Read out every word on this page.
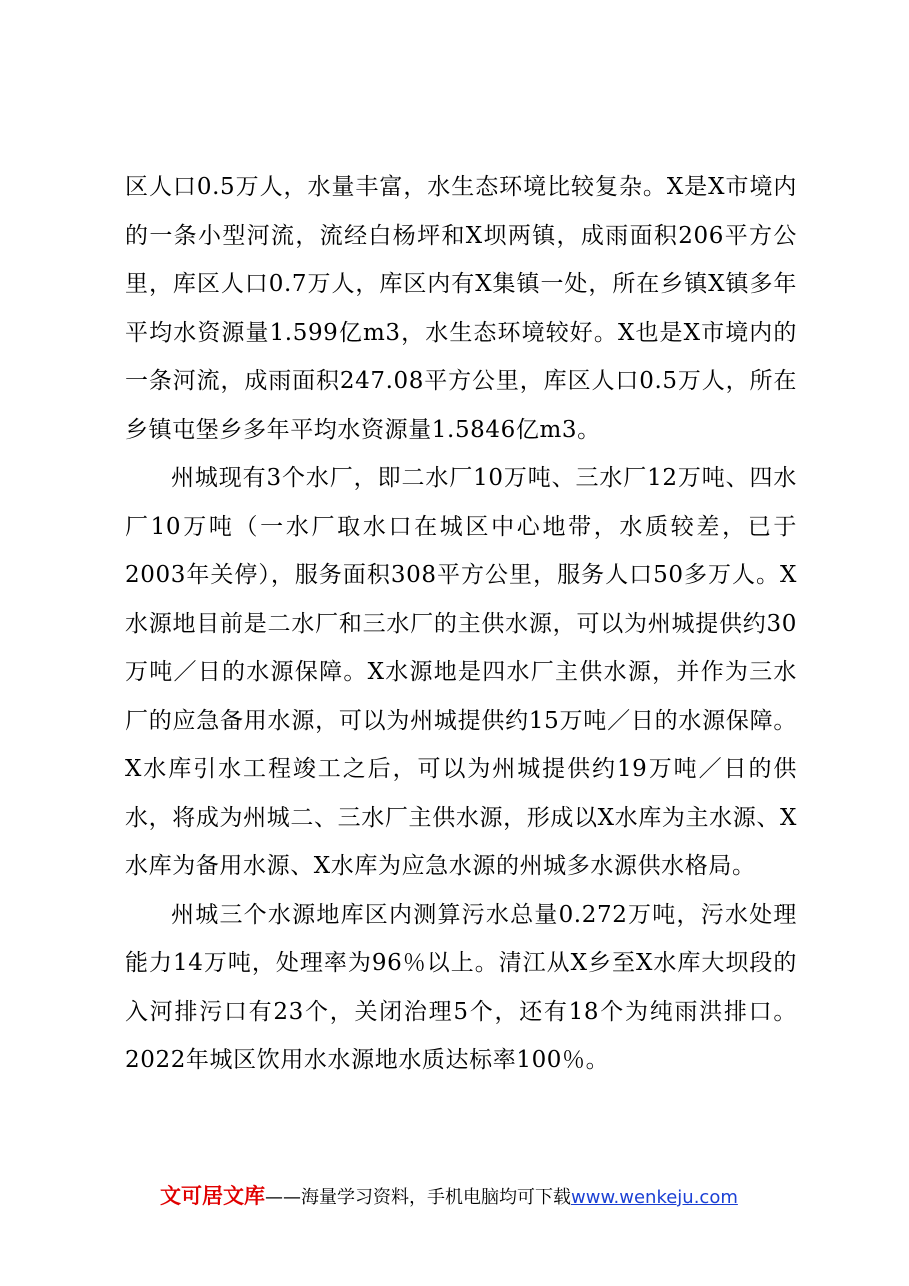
区人口0.5万人，水量丰富，水生态环境比较复杂。X是X市境内的一条小型河流，流经白杨坪和X坝两镇，成雨面积206平方公里，库区人口0.7万人，库区内有X集镇一处，所在乡镇X镇多年平均水资源量1.599亿m3，水生态环境较好。X也是X市境内的一条河流，成雨面积247.08平方公里，库区人口0.5万人，所在乡镇屯堡乡多年平均水资源量1.5846亿m3。

州城现有3个水厂，即二水厂10万吨、三水厂12万吨、四水厂10万吨（一水厂取水口在城区中心地带，水质较差，已于2003年关停），服务面积308平方公里，服务人口50多万人。X水源地目前是二水厂和三水厂的主供水源，可以为州城提供约30万吨／日的水源保障。X水源地是四水厂主供水源，并作为三水厂的应急备用水源，可以为州城提供约15万吨／日的水源保障。X水库引水工程竣工之后，可以为州城提供约19万吨／日的供水，将成为州城二、三水厂主供水源，形成以X水库为主水源、X水库为备用水源、X水库为应急水源的州城多水源供水格局。

州城三个水源地库区内测算污水总量0.272万吨，污水处理能力14万吨，处理率为96％以上。清江从X乡至X水库大坝段的入河排污口有23个，关闭治理5个，还有18个为纯雨洪排口。2022年城区饮用水水源地水质达标率100％。

文可居文库——海量学习资料，手机电脑均可下载www.wenkeju.com
